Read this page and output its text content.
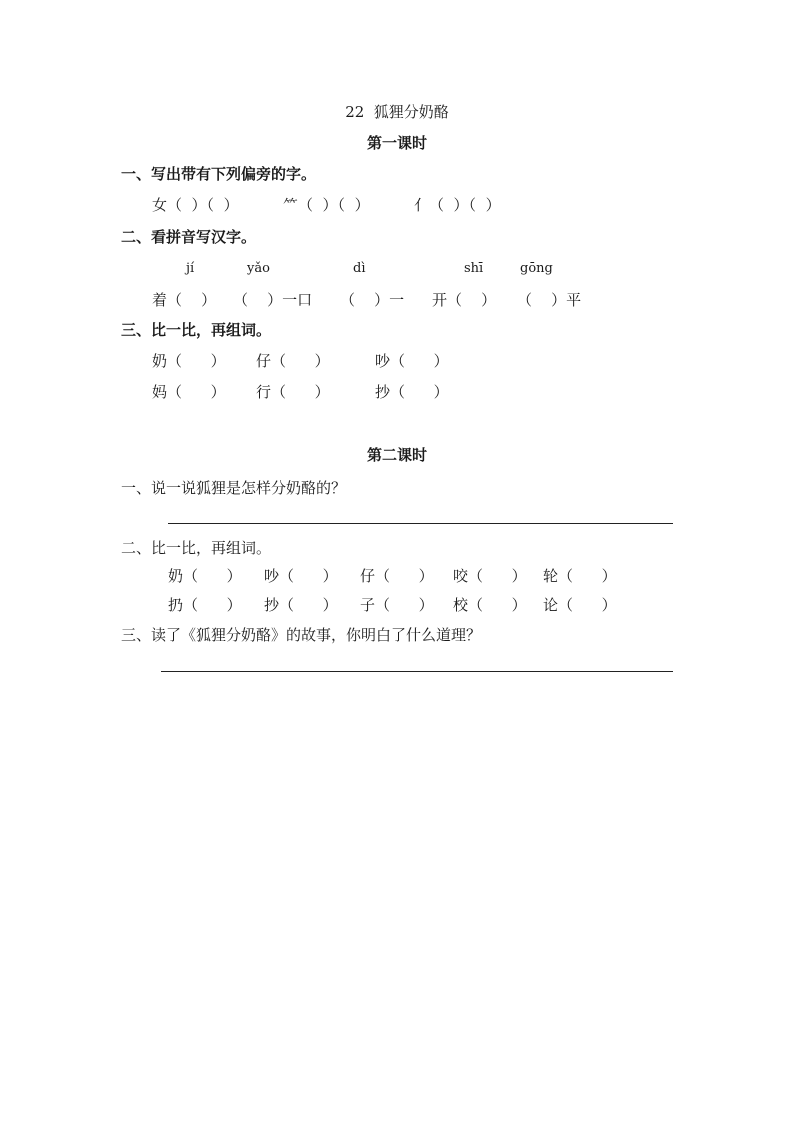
22  狐狸分奶酪
第一课时
一、写出带有下列偏旁的字。
女（  ）（  ）	⺮（  ）（  ）	亻（  ）（  ）
二、看拼音写汉字。
jí	yǎo	dì	shī	gōng
着（    ） （    ）一口 （    ）一 开（    ） （    ）平
三、比一比，再组词。
奶（      ） 仔（      ）	吵（      ）
妈（      ） 行（      ）	抄（      ）
第二课时
一、说一说狐狸是怎样分奶酪的？
二、比一比，再组词。
奶（      ） 吵（      ） 仔（      ） 咬（      ） 轮（      ）
扔（      ） 抄（      ） 子（      ） 校（      ） 论（      ）
三、读了《狐狸分奶酪》的故事，你明白了什么道理？
